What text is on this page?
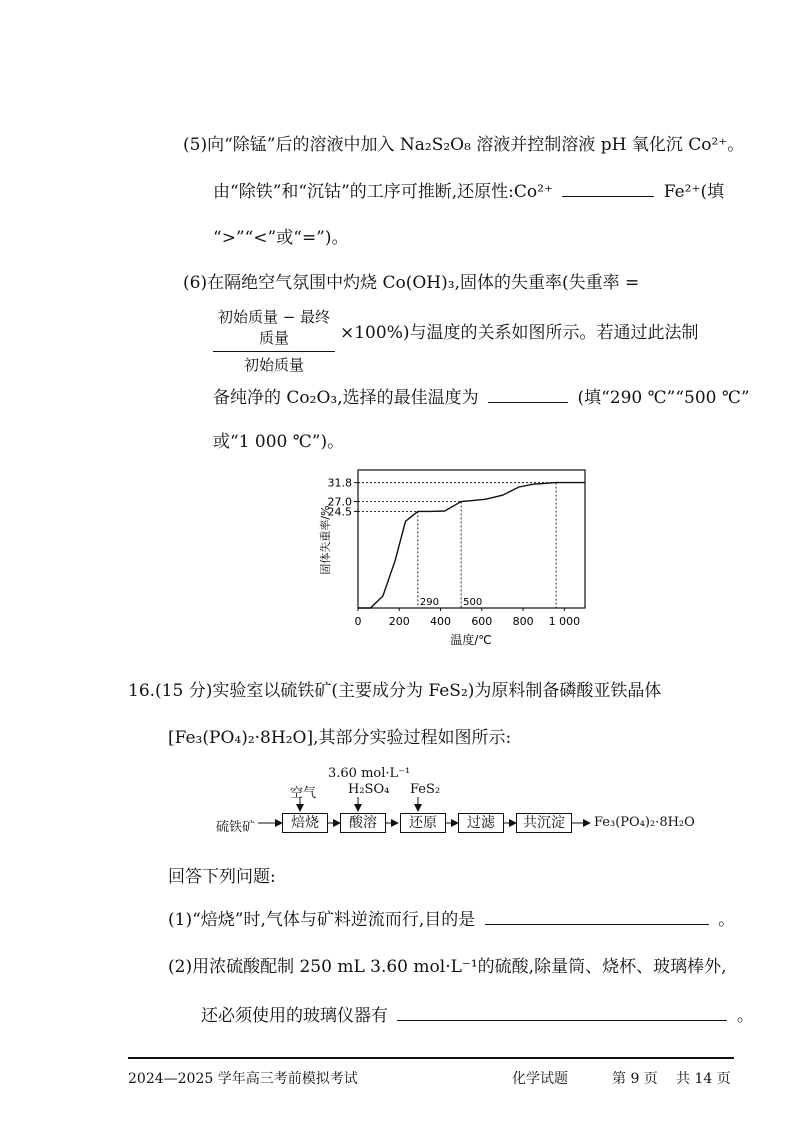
(5)向“除锰”后的溶液中加入 Na₂S₂O₈ 溶液并控制溶液 pH 氧化沉 Co²⁺。
由“除铁”和“沉钴”的工序可推断,还原性:Co²⁺	Fe²⁺(填
“>”“<”或“=”)。
(6)在隔绝空气氛围中灼烧 Co(OH)₃,固体的失重率(失重率 =
初始质量 − 最终质量
初始质量
×100%)与温度的关系如图所示。若通过此法制
备纯净的 Co₂O₃,选择的最佳温度为	(填“290 ℃”“500 ℃”
或“1 000 ℃”)。
0 200 400 600 800 1 000
24.5
27.0
31.8
290 500
温度/℃
固体失重率/%
16.(15 分)实验室以硫铁矿(主要成分为 FeS₂)为原料制备磷酸亚铁晶体
[Fe₃(PO₄)₂·8H₂O],其部分实验过程如图所示:
3.60 mol·L⁻¹
空气 H₂SO₄ FeS₂
硫铁矿	焙烧	酸溶	还原	过滤	共沉淀	Fe₃(PO₄)₂·8H₂O
回答下列问题:
(1)“焙烧”时,气体与矿料逆流而行,目的是	。
(2)用浓硫酸配制 250 mL 3.60 mol·L⁻¹的硫酸,除量筒、烧杯、玻璃棒外,
还必须使用的玻璃仪器有	。
2024—2025 学年高三考前模拟考试	化学试题	第 9 页 共 14 页
